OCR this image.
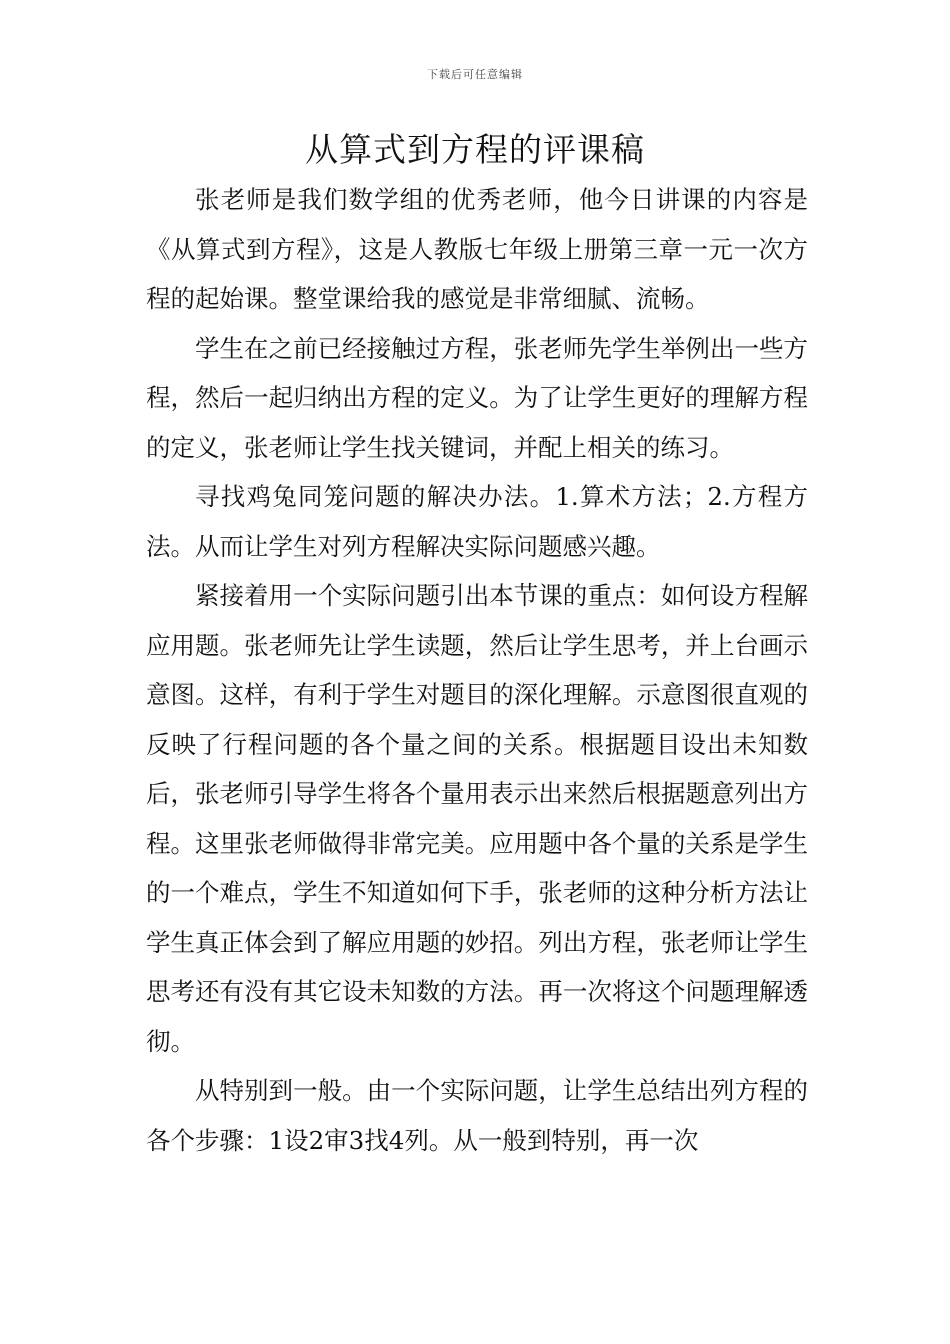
下载后可任意编辑
从算式到方程的评课稿

张老师是我们数学组的优秀老师，他今日讲课的内容是《从算式到方程》，这是人教版七年级上册第三章一元一次方程的起始课。整堂课给我的感觉是非常细腻、流畅。

学生在之前已经接触过方程，张老师先学生举例出一些方程，然后一起归纳出方程的定义。为了让学生更好的理解方程的定义，张老师让学生找关键词，并配上相关的练习。

寻找鸡兔同笼问题的解决办法。1.算术方法；2.方程方法。从而让学生对列方程解决实际问题感兴趣。

紧接着用一个实际问题引出本节课的重点：如何设方程解应用题。张老师先让学生读题，然后让学生思考，并上台画示意图。这样，有利于学生对题目的深化理解。示意图很直观的反映了行程问题的各个量之间的关系。根据题目设出未知数后，张老师引导学生将各个量用表示出来然后根据题意列出方程。这里张老师做得非常完美。应用题中各个量的关系是学生的一个难点，学生不知道如何下手，张老师的这种分析方法让学生真正体会到了解应用题的妙招。列出方程，张老师让学生思考还有没有其它设未知数的方法。再一次将这个问题理解透彻。

从特别到一般。由一个实际问题，让学生总结出列方程的各个步骤：1设2审3找4列。从一般到特别，再一次
